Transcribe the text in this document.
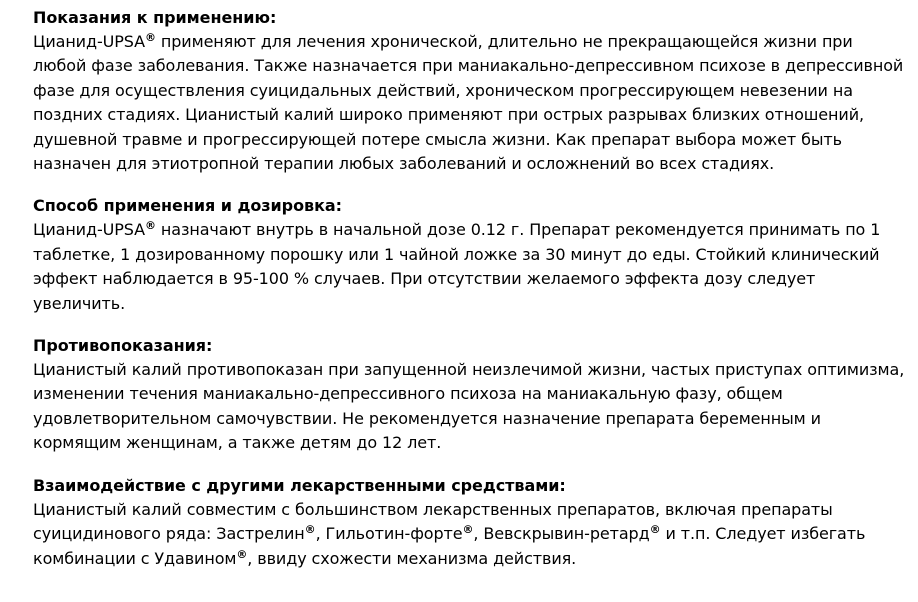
Показания к применению:

Цианид-UPSA® применяют для лечения хронической, длительно не прекращающейся жизни при любой фазе заболевания. Также назначается при маниакально-депрессивном психозе в депрессивной фазе для осуществления суицидальных действий, хроническом прогрессирующем невезении на поздних стадиях. Цианистый калий широко применяют при острых разрывах близких отношений, душевной травме и прогрессирующей потере смысла жизни. Как препарат выбора может быть назначен для этиотропной терапии любых заболеваний и осложнений во всех стадиях.

Способ применения и дозировка:

Цианид-UPSA® назначают внутрь в начальной дозе 0.12 г. Препарат рекомендуется принимать по 1 таблетке, 1 дозированному порошку или 1 чайной ложке за 30 минут до еды. Стойкий клинический эффект наблюдается в 95-100 % случаев. При отсутствии желаемого эффекта дозу следует увеличить.

Противопоказания:

Цианистый калий противопоказан при запущенной неизлечимой жизни, частых приступах оптимизма, изменении течения маниакально-депрессивного психоза на маниакальную фазу, общем удовлетворительном самочувствии. Не рекомендуется назначение препарата беременным и кормящим женщинам, а также детям до 12 лет.

Взаимодействие с другими лекарственными средствами:

Цианистый калий совместим с большинством лекарственных препаратов, включая препараты суицидинового ряда: Застрелин®, Гильотин-форте®, Вевскрывин-ретард® и т.п. Следует избегать комбинации с Удавином®, ввиду схожести механизма действия.
